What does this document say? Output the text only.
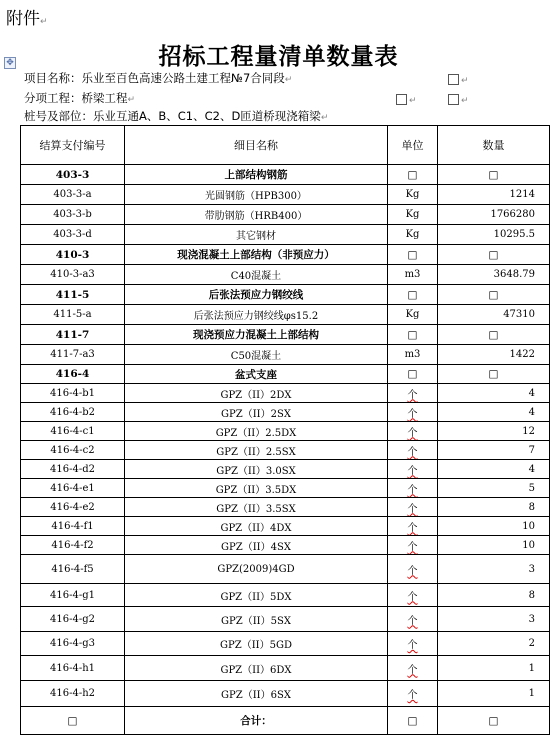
附件↵
✥	招标工程量清单数量表
项目名称：乐业至百色高速公路土建工程№7合同段↵	↵
分项工程：桥梁工程↵	↵	↵
桩号及部位：乐业互通A、B、C1、C2、D匝道桥现浇箱梁↵
结算支付编号	细目名称	单位	数量
403-3	上部结构钢筋	□	□
403-3-a	光圆钢筋（HPB300）	Kg	1214
403-3-b	带肋钢筋（HRB400）	Kg	1766280
403-3-d	其它钢材	Kg	10295.5
410-3	现浇混凝土上部结构（非预应力）	□	□
410-3-a3	C40混凝土	m3	3648.79
411-5	后张法预应力钢绞线	□	□
411-5-a	后张法预应力钢绞线φs15.2	Kg	47310
411-7	现浇预应力混凝土上部结构	□	□
411-7-a3	C50混凝土	m3	1422
416-4	盆式支座	□	□
416-4-b1	GPZ（II）2DX	个	4
416-4-b2	GPZ（II）2SX	个	4
416-4-c1	GPZ（II）2.5DX	个	12
416-4-c2	GPZ（II）2.5SX	个	7
416-4-d2	GPZ（II）3.0SX	个	4
416-4-e1	GPZ（II）3.5DX	个	5
416-4-e2	GPZ（II）3.5SX	个	8
416-4-f1	GPZ（II）4DX	个	10
416-4-f2	GPZ（II）4SX	个	10
416-4-f5	GPZ(2009)4GD	个	3
416-4-g1	GPZ（II）5DX	个	8
416-4-g2	GPZ（II）5SX	个	3
416-4-g3	GPZ（II）5GD	个	2
416-4-h1	GPZ（II）6DX	个	1
416-4-h2	GPZ（II）6SX	个	1
□	合计：	□	□
